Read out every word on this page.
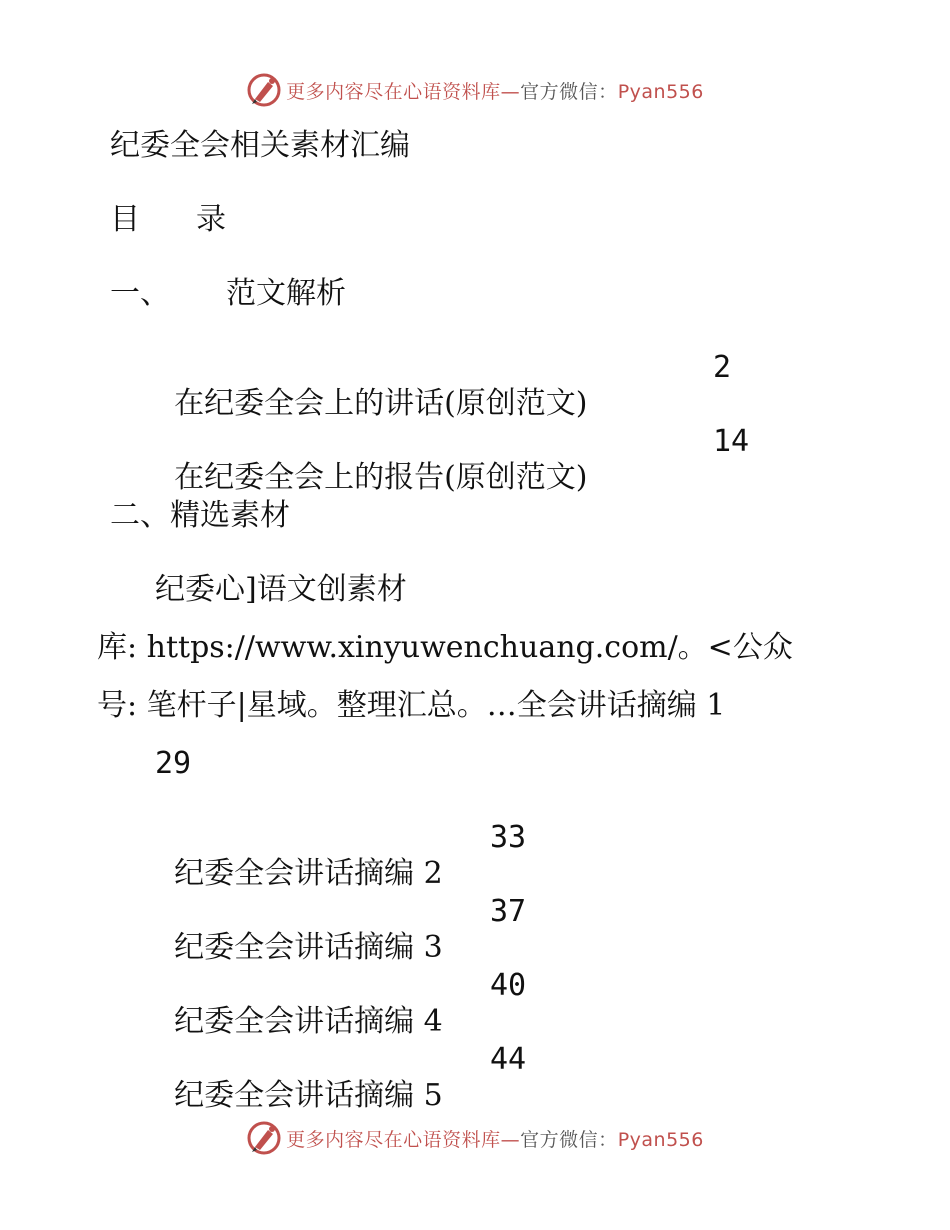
更多内容尽在心语资料库—官方微信：Pyan556
纪委全会相关素材汇编
目 录
一、 范文解析

在纪委全会上的讲话(原创范文)

2

在纪委全会上的报告(原创范文)

14

二、精选素材
纪委心]语文创素材
库: https://www.xinyuwenchuang.com/。<公众
号: 笔杆子|星域。整理汇总。…全会讲话摘编 1
29

纪委全会讲话摘编 2

33

纪委全会讲话摘编 3

37

纪委全会讲话摘编 4

40

纪委全会讲话摘编 5

44

更多内容尽在心语资料库—官方微信：Pyan556
